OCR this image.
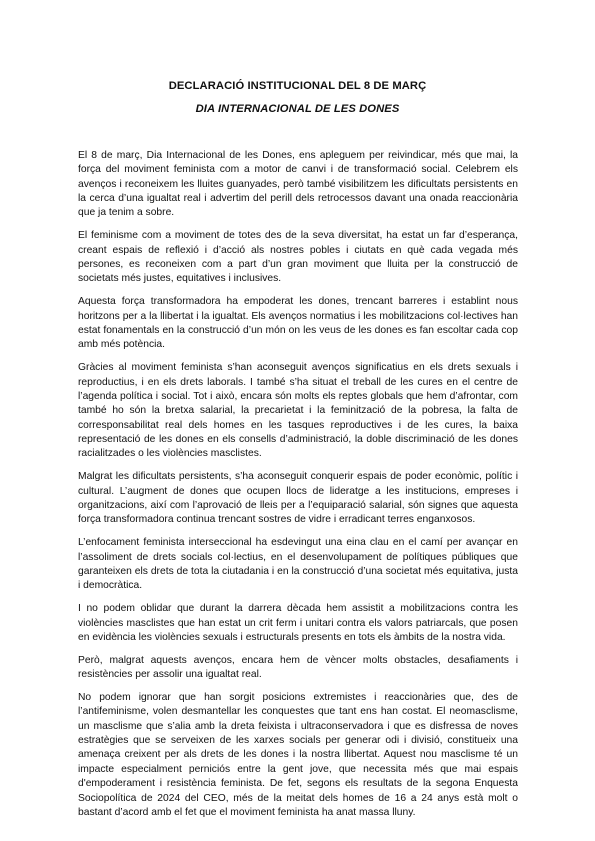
DECLARACIÓ INSTITUCIONAL DEL 8 DE MARÇ
DIA INTERNACIONAL DE LES DONES

El 8 de març, Dia Internacional de les Dones, ens apleguem per reivindicar, més que mai, la força del moviment feminista com a motor de canvi i de transformació social. Celebrem els avenços i reconeixem les lluites guanyades, però també visibilitzem les dificultats persistents en la cerca d’una igualtat real i advertim del perill dels retrocessos davant una onada reaccionària que ja tenim a sobre.

El feminisme com a moviment de totes des de la seva diversitat, ha estat un far d’esperança, creant espais de reflexió i d’acció als nostres pobles i ciutats en què cada vegada més persones, es reconeixen com a part d’un gran moviment que lluita per la construcció de societats més justes, equitatives i inclusives.

Aquesta força transformadora ha empoderat les dones, trencant barreres i establint nous horitzons per a la llibertat i la igualtat. Els avenços normatius i les mobilitzacions col·lectives han estat fonamentals en la construcció d’un món on les veus de les dones es fan escoltar cada cop amb més potència.

Gràcies al moviment feminista s’han aconseguit avenços significatius en els drets sexuals i reproductius, i en els drets laborals. I també s’ha situat el treball de les cures en el centre de l’agenda política i social. Tot i això, encara són molts els reptes globals que hem d’afrontar, com també ho són la bretxa salarial, la precarietat i la feminització de la pobresa, la falta de corresponsabilitat real dels homes en les tasques reproductives i de les cures, la baixa representació de les dones en els consells d’administració, la doble discriminació de les dones racialitzades o les violències masclistes.

Malgrat les dificultats persistents, s’ha aconseguit conquerir espais de poder econòmic, polític i cultural. L’augment de dones que ocupen llocs de lideratge a les institucions, empreses i organitzacions, així com l’aprovació de lleis per a l’equiparació salarial, són signes que aquesta força transformadora continua trencant sostres de vidre i erradicant terres enganxosos.

L’enfocament feminista interseccional ha esdevingut una eina clau en el camí per avançar en l’assoliment de drets socials col·lectius, en el desenvolupament de polítiques públiques que garanteixen els drets de tota la ciutadania i en la construcció d’una societat més equitativa, justa i democràtica.

I no podem oblidar que durant la darrera dècada hem assistit a mobilitzacions contra les violències masclistes que han estat un crit ferm i unitari contra els valors patriarcals, que posen en evidència les violències sexuals i estructurals presents en tots els àmbits de la nostra vida.

Però, malgrat aquests avenços, encara hem de vèncer molts obstacles, desafiaments i resistències per assolir una igualtat real.

No podem ignorar que han sorgit posicions extremistes i reaccionàries que, des de l’antifeminisme, volen desmantellar les conquestes que tant ens han costat. El neomasclisme, un masclisme que s’alia amb la dreta feixista i ultraconservadora i que es disfressa de noves estratègies que se serveixen de les xarxes socials per generar odi i divisió, constitueix una amenaça creixent per als drets de les dones i la nostra llibertat. Aquest nou masclisme té un impacte especialment perniciós entre la gent jove, que necessita més que mai espais d'empoderament i resistència feminista. De fet, segons els resultats de la segona Enquesta Sociopolítica de 2024 del CEO, més de la meitat dels homes de 16 a 24 anys està molt o bastant d’acord amb el fet que el moviment feminista ha anat massa lluny.
